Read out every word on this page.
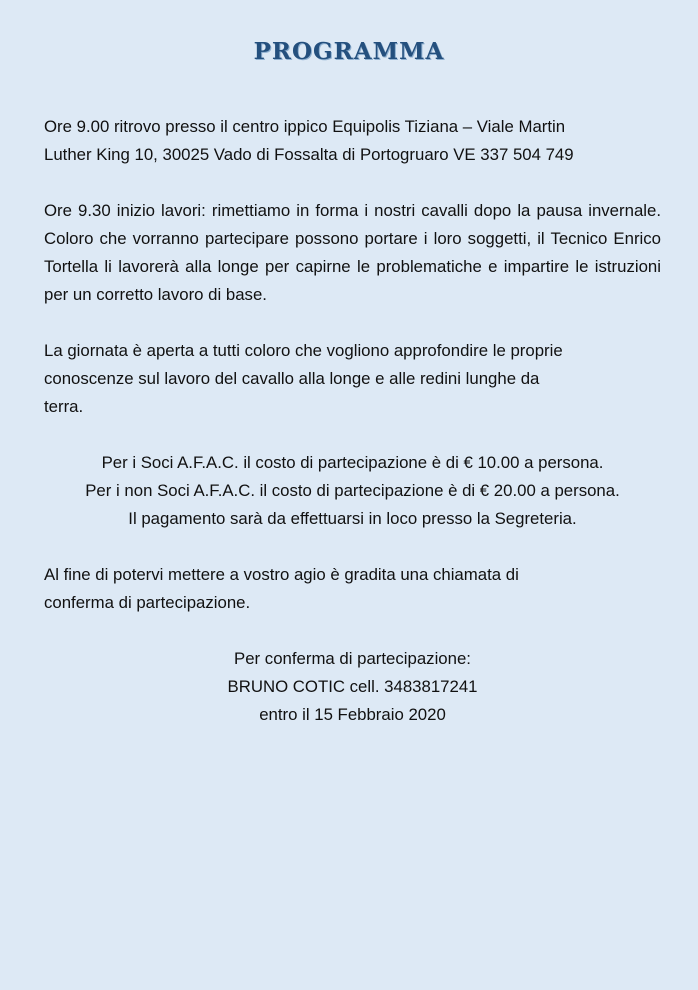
PROGRAMMA
Ore 9.00 ritrovo presso il centro ippico Equipolis Tiziana – Viale Martin
Luther King 10, 30025 Vado di Fossalta di Portogruaro VE 337 504 749

Ore 9.30 inizio lavori: rimettiamo in forma i nostri cavalli dopo la pausa invernale. Coloro che vorranno partecipare possono portare i loro soggetti, il Tecnico Enrico Tortella li lavorerà alla longe per capirne le problematiche e impartire le istruzioni per un corretto lavoro di base.

La giornata è aperta a tutti coloro che vogliono approfondire le proprie
conoscenze sul lavoro del cavallo alla longe e alle redini lunghe da
terra.
Per i Soci A.F.A.C. il costo di partecipazione è di € 10.00 a persona.
Per i non Soci A.F.A.C. il costo di partecipazione è di € 20.00 a persona.
Il pagamento sarà da effettuarsi in loco presso la Segreteria.
Al fine di potervi mettere a vostro agio è gradita una chiamata di
conferma di partecipazione.
Per conferma di partecipazione:
BRUNO COTIC cell. 3483817241
entro il 15 Febbraio 2020
